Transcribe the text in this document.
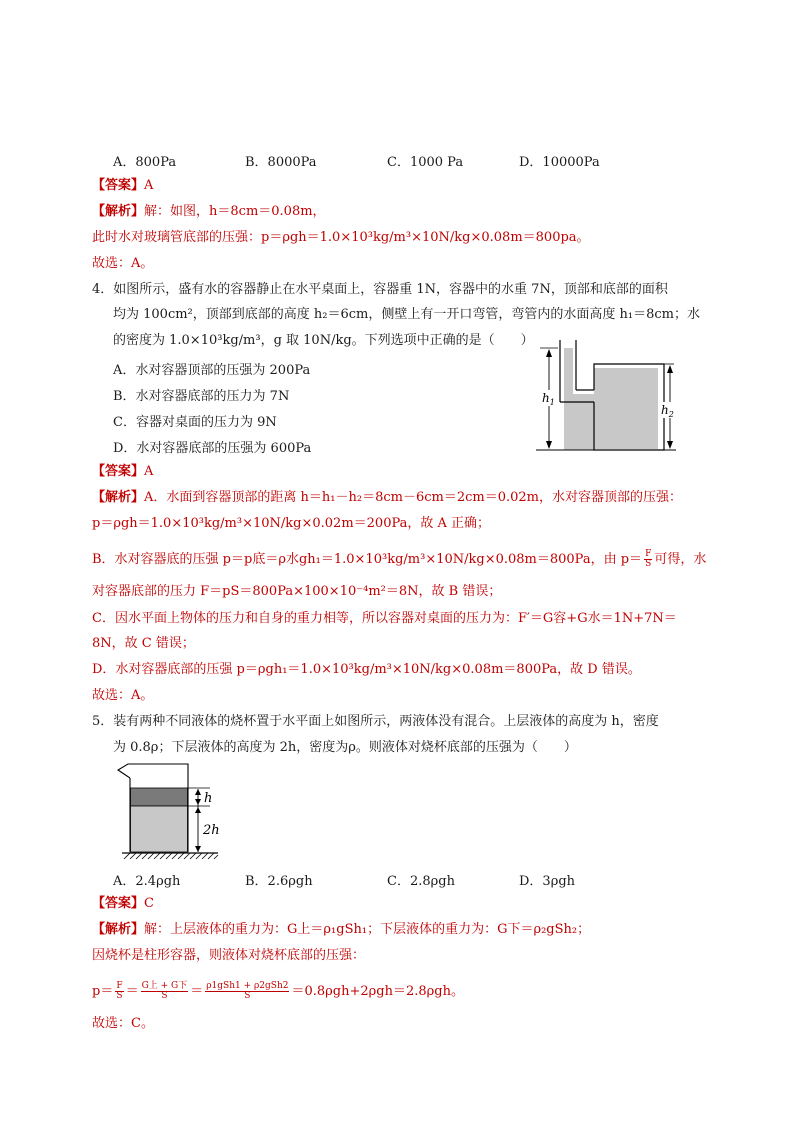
A．800Pa	B．8000Pa	C．1000 Pa	D．10000Pa
【答案】A
【解析】解：如图，h＝8cm＝0.08m，
此时水对玻璃管底部的压强：p＝ρgh＝1.0×10³kg/m³×10N/kg×0.08m＝800pa。
故选：A。
4．如图所示，盛有水的容器静止在水平桌面上，容器重 1N，容器中的水重 7N，顶部和底部的面积
均为 100cm²，顶部到底部的高度 h₂＝6cm，侧壁上有一开口弯管，弯管内的水面高度 h₁＝8cm；水
的密度为 1.0×10³kg/m³，g 取 10N/kg。下列选项中正确的是（　　）
A．水对容器顶部的压强为 200Pa
B．水对容器底部的压力为 7N
C．容器对桌面的压力为 9N
D．水对容器底部的压强为 600Pa
$h_1$
$h_2$
【答案】A
【解析】A．水面到容器顶部的距离 h＝h₁－h₂＝8cm－6cm＝2cm＝0.02m，水对容器顶部的压强：
p＝ρgh＝1.0×10³kg/m³×10N/kg×0.02m＝200Pa，故 A 正确；
B．水对容器底的压强 p＝p底＝ρ水gh₁＝1.0×10³kg/m³×10N/kg×0.08m＝800Pa，由 $p= \frac{F}{S}$ 可得，水
对容器底部的压力 F＝pS＝800Pa×100×10⁻⁴m²＝8N，故 B 错误；
C．因水平面上物体的压力和自身的重力相等，所以容器对桌面的压力为：F′＝G容+G水＝1N+7N＝
8N，故 C 错误；
D．水对容器底部的压强 p＝ρgh₁＝1.0×10³kg/m³×10N/kg×0.08m＝800Pa，故 D 错误。
故选：A。
5．装有两种不同液体的烧杯置于水平面上如图所示，两液体没有混合。上层液体的高度为 h，密度
为 0.8ρ；下层液体的高度为 2h，密度为ρ。则液体对烧杯底部的压强为（　　）
h
2h
A．2.4ρgh	B．2.6ρgh	C．2.8ρgh	D．3ρgh
【答案】C
【解析】解：上层液体的重力为：G上＝ρ₁gSh₁；下层液体的重力为：G下＝ρ₂gSh₂；
因烧杯是柱形容器，则液体对烧杯底部的压强：
$p= \frac{F}{S} = \frac{\text{G上 + G下}}{S} = \frac{\text{ρ1gSh1 + ρ2gSh2}}{S} =0.8\rho gh+2\rho gh=2.8\rho gh$。
故选：C。
